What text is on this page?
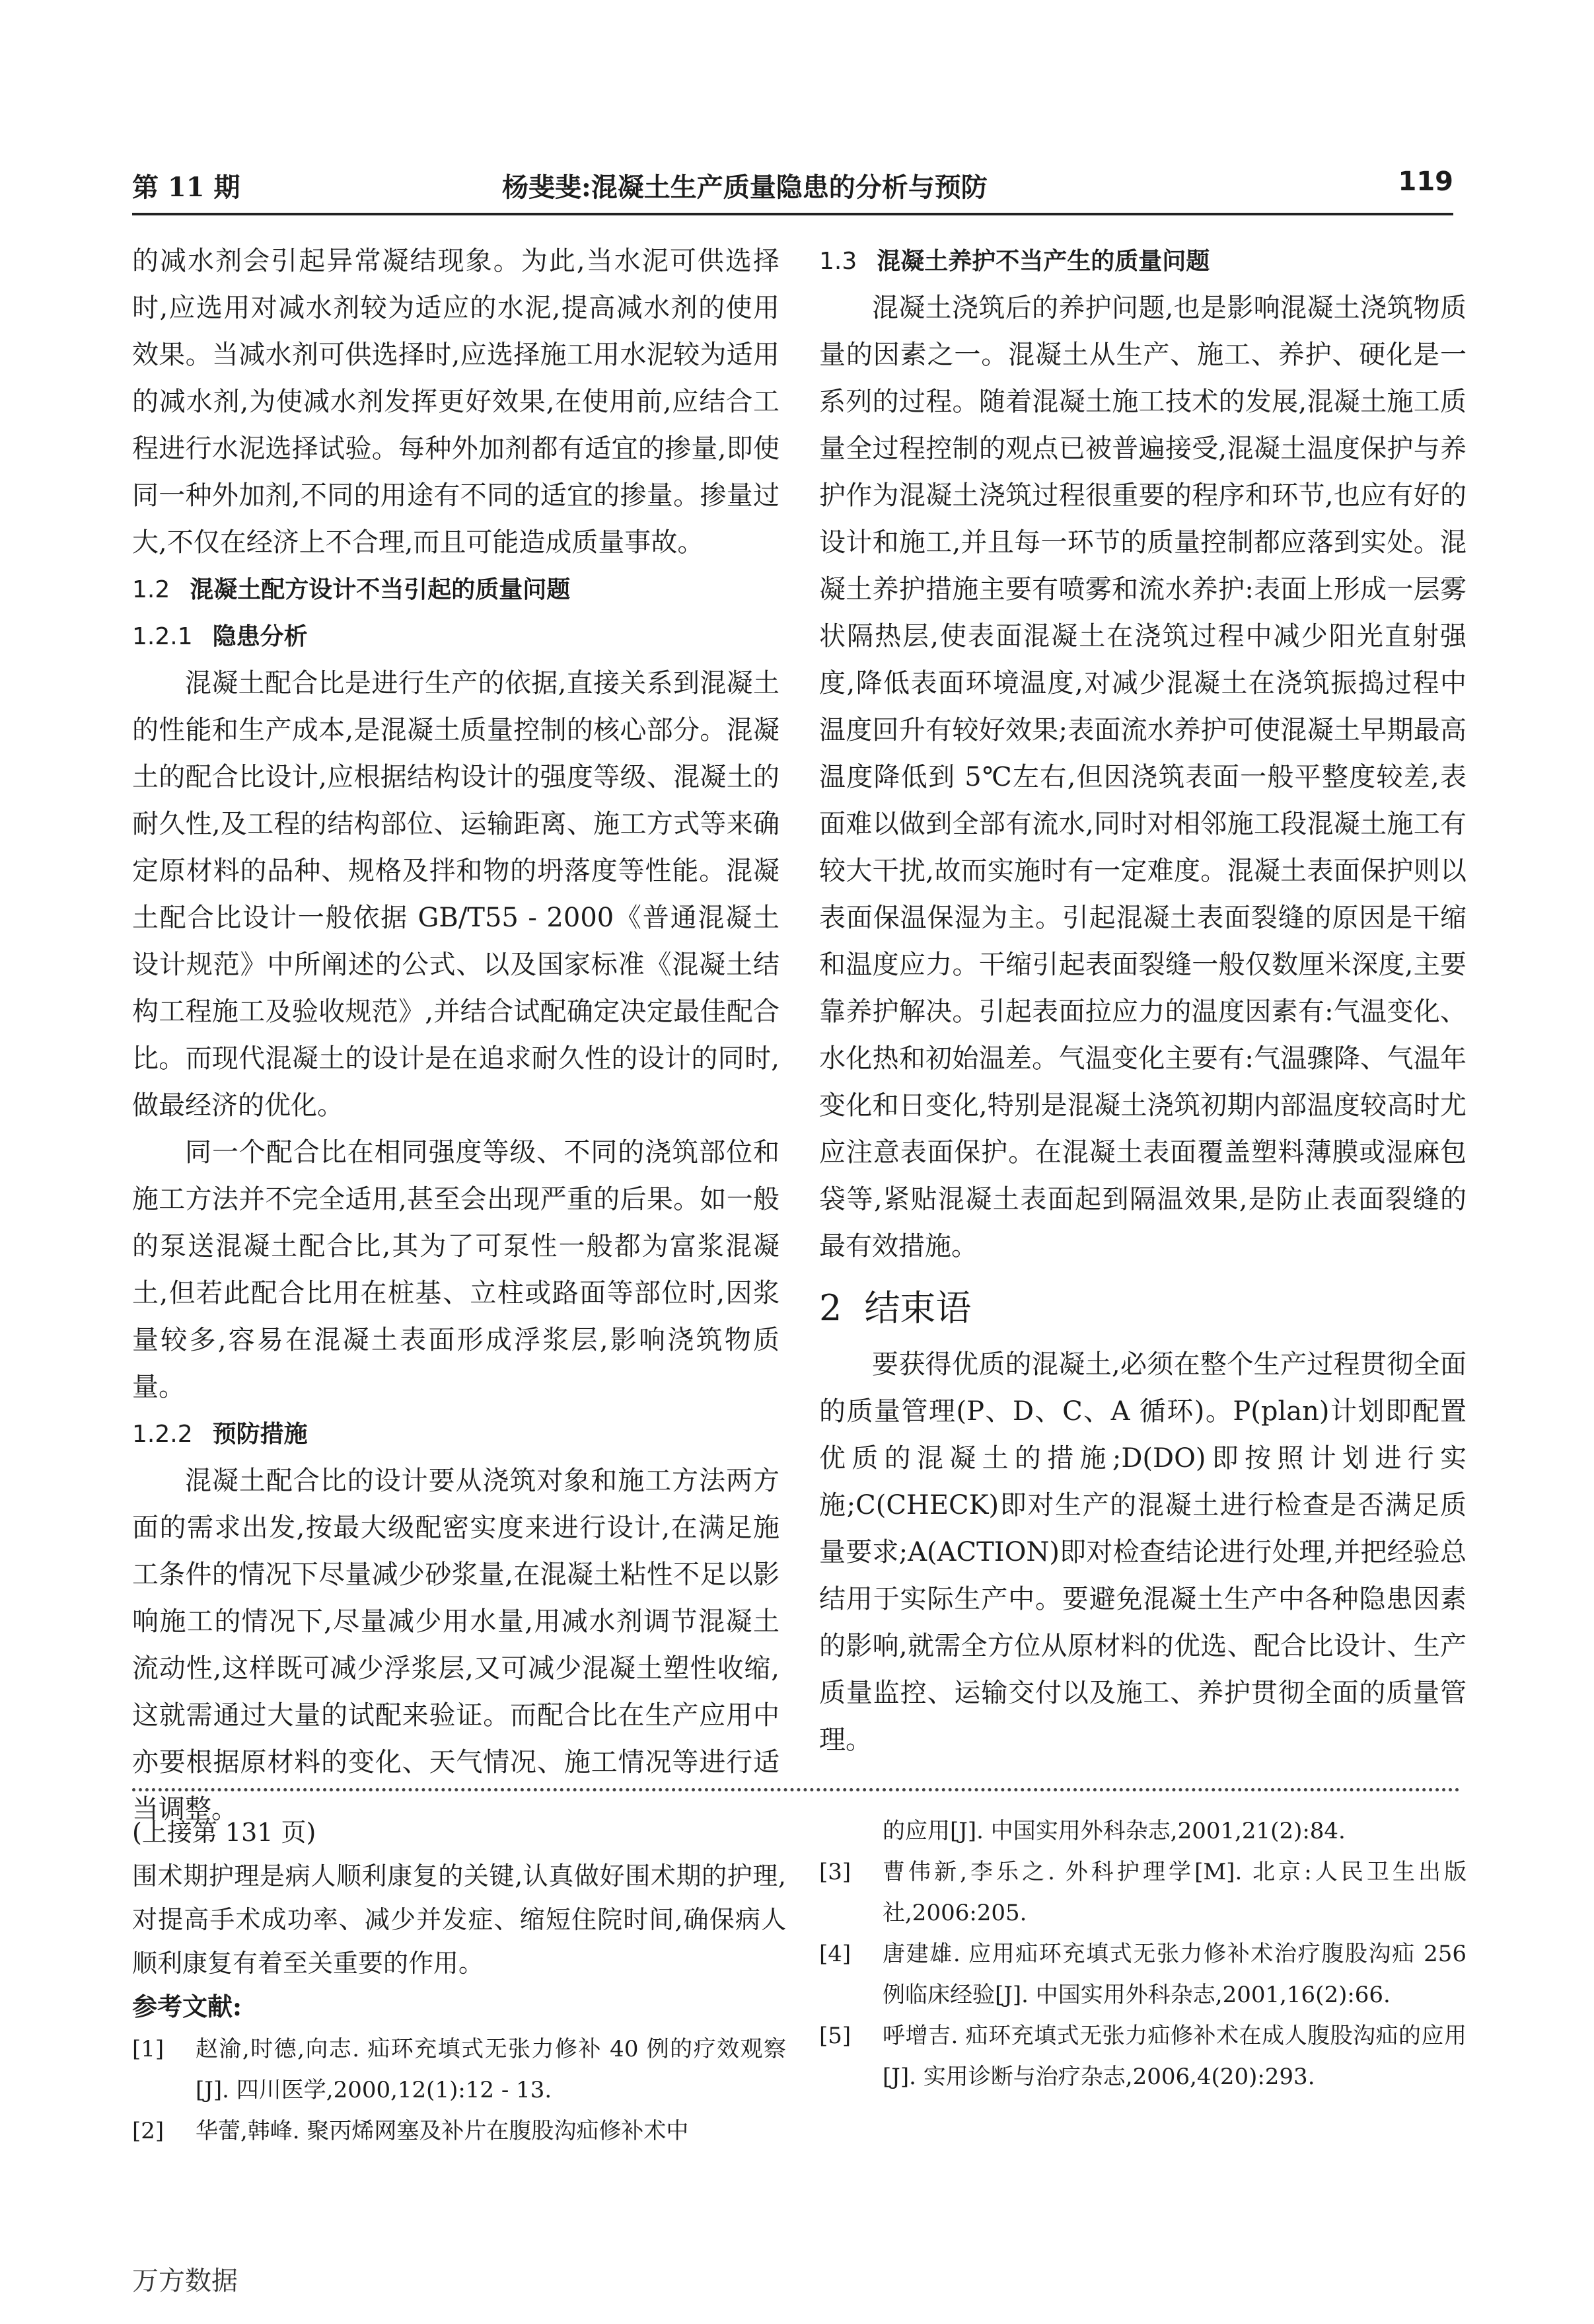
第 11 期	杨斐斐:混凝土生产质量隐患的分析与预防	119

的减水剂会引起异常凝结现象。为此,当水泥可供选择时,应选用对减水剂较为适应的水泥,提高减水剂的使用效果。当减水剂可供选择时,应选择施工用水泥较为适用的减水剂,为使减水剂发挥更好效果,在使用前,应结合工程进行水泥选择试验。每种外加剂都有适宜的掺量,即使同一种外加剂,不同的用途有不同的适宜的掺量。掺量过大,不仅在经济上不合理,而且可能造成质量事故。

1.2 混凝土配方设计不当引起的质量问题
1.2.1 隐患分析

混凝土配合比是进行生产的依据,直接关系到混凝土的性能和生产成本,是混凝土质量控制的核心部分。混凝土的配合比设计,应根据结构设计的强度等级、混凝土的耐久性,及工程的结构部位、运输距离、施工方式等来确定原材料的品种、规格及拌和物的坍落度等性能。混凝土配合比设计一般依据 GB/T55 - 2000《普通混凝土设计规范》中所阐述的公式、以及国家标准《混凝土结构工程施工及验收规范》,并结合试配确定决定最佳配合比。而现代混凝土的设计是在追求耐久性的设计的同时,做最经济的优化。

同一个配合比在相同强度等级、不同的浇筑部位和施工方法并不完全适用,甚至会出现严重的后果。如一般的泵送混凝土配合比,其为了可泵性一般都为富浆混凝土,但若此配合比用在桩基、立柱或路面等部位时,因浆量较多,容易在混凝土表面形成浮浆层,影响浇筑物质量。

1.2.2 预防措施

混凝土配合比的设计要从浇筑对象和施工方法两方面的需求出发,按最大级配密实度来进行设计,在满足施工条件的情况下尽量减少砂浆量,在混凝土粘性不足以影响施工的情况下,尽量减少用水量,用减水剂调节混凝土流动性,这样既可减少浮浆层,又可减少混凝土塑性收缩,这就需通过大量的试配来验证。而配合比在生产应用中亦要根据原材料的变化、天气情况、施工情况等进行适当调整。

1.3 混凝土养护不当产生的质量问题

混凝土浇筑后的养护问题,也是影响混凝土浇筑物质量的因素之一。混凝土从生产、施工、养护、硬化是一系列的过程。随着混凝土施工技术的发展,混凝土施工质量全过程控制的观点已被普遍接受,混凝土温度保护与养护作为混凝土浇筑过程很重要的程序和环节,也应有好的设计和施工,并且每一环节的质量控制都应落到实处。混凝土养护措施主要有喷雾和流水养护:表面上形成一层雾状隔热层,使表面混凝土在浇筑过程中减少阳光直射强度,降低表面环境温度,对减少混凝土在浇筑振捣过程中温度回升有较好效果;表面流水养护可使混凝土早期最高温度降低到 5℃左右,但因浇筑表面一般平整度较差,表面难以做到全部有流水,同时对相邻施工段混凝土施工有较大干扰,故而实施时有一定难度。混凝土表面保护则以表面保温保湿为主。引起混凝土表面裂缝的原因是干缩和温度应力。干缩引起表面裂缝一般仅数厘米深度,主要靠养护解决。引起表面拉应力的温度因素有:气温变化、水化热和初始温差。气温变化主要有:气温骤降、气温年变化和日变化,特别是混凝土浇筑初期内部温度较高时尤应注意表面保护。在混凝土表面覆盖塑料薄膜或湿麻包袋等,紧贴混凝土表面起到隔温效果,是防止表面裂缝的最有效措施。

2 结束语

要获得优质的混凝土,必须在整个生产过程贯彻全面的质量管理(P、D、C、A 循环)。P(plan)计划即配置优质的混凝土的措施;D(DO)即按照计划进行实施;C(CHECK)即对生产的混凝土进行检查是否满足质量要求;A(ACTION)即对检查结论进行处理,并把经验总结用于实际生产中。要避免混凝土生产中各种隐患因素的影响,就需全方位从原材料的优选、配合比设计、生产质量监控、运输交付以及施工、养护贯彻全面的质量管理。

(上接第 131 页)

围术期护理是病人顺利康复的关键,认真做好围术期的护理,对提高手术成功率、减少并发症、缩短住院时间,确保病人顺利康复有着至关重要的作用。

参考文献:

[1]	赵渝,时德,向志. 疝环充填式无张力修补 40 例的疗效观察[J]. 四川医学,2000,12(1):12 - 13.
[2]	华蕾,韩峰. 聚丙烯网塞及补片在腹股沟疝修补术中
的应用[J]. 中国实用外科杂志,2001,21(2):84.
[3]	曹伟新,李乐之. 外科护理学[M]. 北京:人民卫生出版社,2006:205.
[4]	唐建雄. 应用疝环充填式无张力修补术治疗腹股沟疝 256 例临床经验[J]. 中国实用外科杂志,2001,16(2):66.
[5]	呼增吉. 疝环充填式无张力疝修补术在成人腹股沟疝的应用[J]. 实用诊断与治疗杂志,2006,4(20):293.
万方数据
